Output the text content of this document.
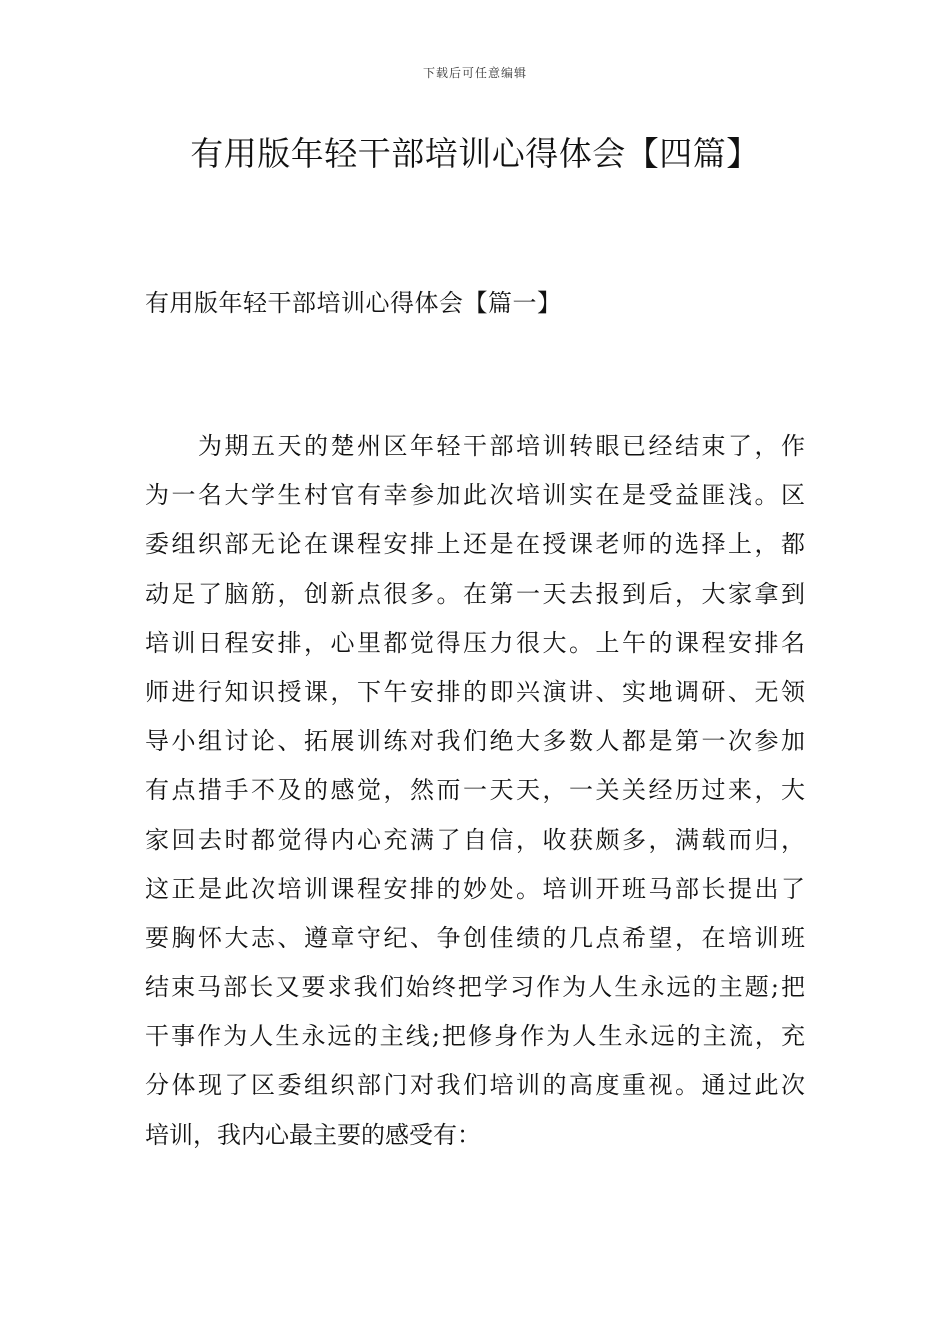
下载后可任意编辑
有用版年轻干部培训心得体会【四篇】
有用版年轻干部培训心得体会【篇一】
　　为期五天的楚州区年轻干部培训转眼已经结束了，作
为一名大学生村官有幸参加此次培训实在是受益匪浅。区
委组织部无论在课程安排上还是在授课老师的选择上，都
动足了脑筋，创新点很多。在第一天去报到后，大家拿到
培训日程安排，心里都觉得压力很大。上午的课程安排名
师进行知识授课，下午安排的即兴演讲、实地调研、无领
导小组讨论、拓展训练对我们绝大多数人都是第一次参加
有点措手不及的感觉，然而一天天，一关关经历过来，大
家回去时都觉得内心充满了自信，收获颇多，满载而归，
这正是此次培训课程安排的妙处。培训开班马部长提出了
要胸怀大志、遵章守纪、争创佳绩的几点希望，在培训班
结束马部长又要求我们始终把学习作为人生永远的主题;把
干事作为人生永远的主线;把修身作为人生永远的主流，充
分体现了区委组织部门对我们培训的高度重视。通过此次
培训，我内心最主要的感受有：
